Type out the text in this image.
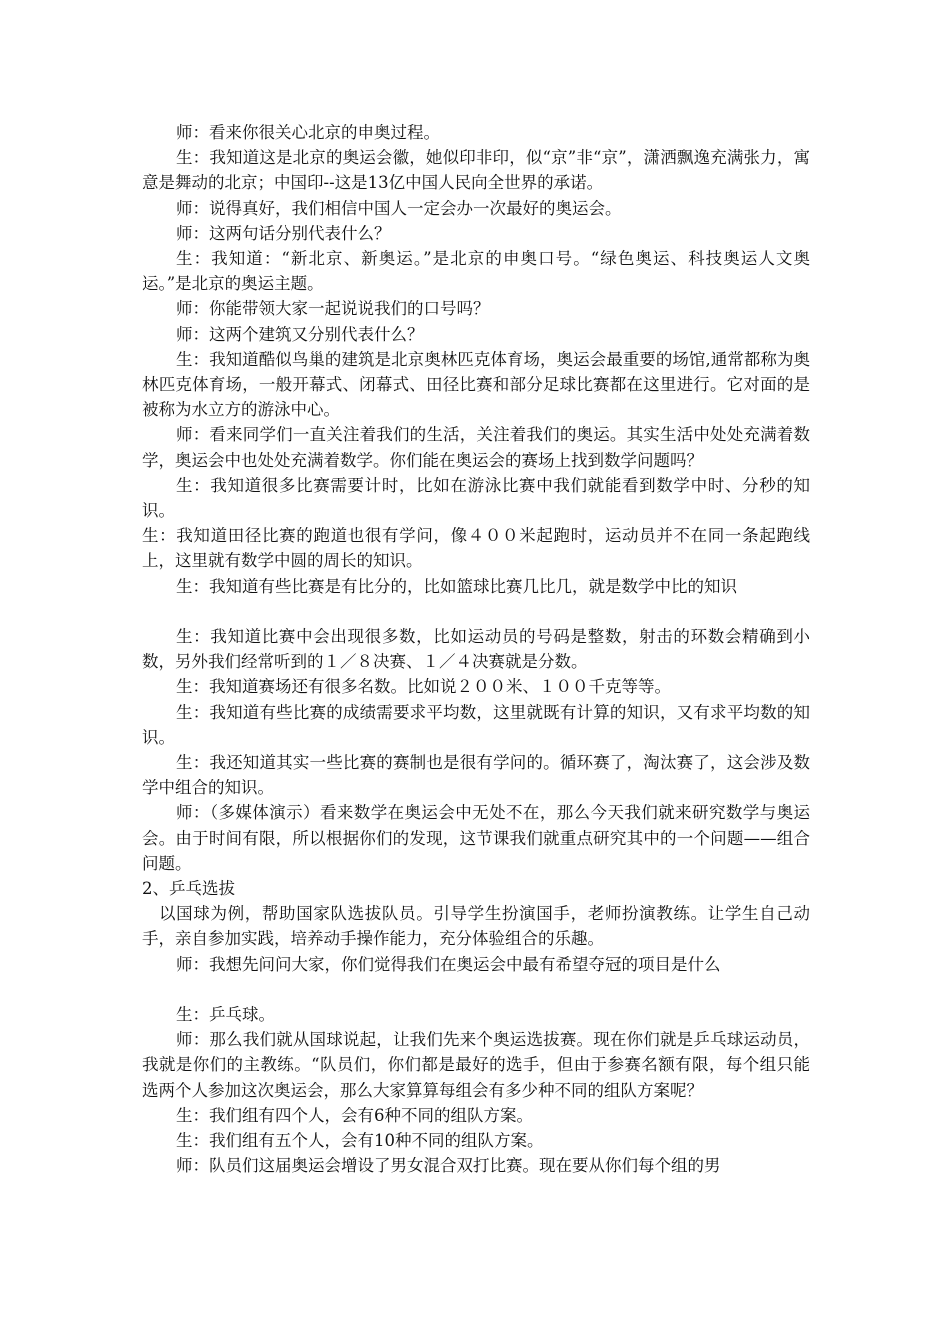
师：看来你很关心北京的申奥过程。

生：我知道这是北京的奥运会徽，她似印非印，似“京”非“京”，潇洒飘逸充满张力，寓意是舞动的北京；中国印--这是13亿中国人民向全世界的承诺。

师：说得真好，我们相信中国人一定会办一次最好的奥运会。

师：这两句话分别代表什么？

生：我知道：“新北京、新奥运。”是北京的申奥口号。“绿色奥运、科技奥运人文奥运。”是北京的奥运主题。

师：你能带领大家一起说说我们的口号吗？

师：这两个建筑又分别代表什么？

生：我知道酷似鸟巢的建筑是北京奥林匹克体育场，奥运会最重要的场馆,通常都称为奥林匹克体育场，一般开幕式、闭幕式、田径比赛和部分足球比赛都在这里进行。它对面的是被称为水立方的游泳中心。

师：看来同学们一直关注着我们的生活，关注着我们的奥运。其实生活中处处充满着数学，奥运会中也处处充满着数学。你们能在奥运会的赛场上找到数学问题吗？

生：我知道很多比赛需要计时，比如在游泳比赛中我们就能看到数学中时、分秒的知识。

生：我知道田径比赛的跑道也很有学问，像４００米起跑时，运动员并不在同一条起跑线上，这里就有数学中圆的周长的知识。

生：我知道有些比赛是有比分的，比如篮球比赛几比几，就是数学中比的知识

生：我知道比赛中会出现很多数，比如运动员的号码是整数，射击的环数会精确到小数，另外我们经常听到的１／８决赛、１／４决赛就是分数。

生：我知道赛场还有很多名数。比如说２００米、１００千克等等。

生：我知道有些比赛的成绩需要求平均数，这里就既有计算的知识，又有求平均数的知识。

生：我还知道其实一些比赛的赛制也是很有学问的。循环赛了，淘汰赛了，这会涉及数学中组合的知识。

师：（多媒体演示）看来数学在奥运会中无处不在，那么今天我们就来研究数学与奥运会。由于时间有限，所以根据你们的发现，这节课我们就重点研究其中的一个问题——组合问题。

2、乒乓选拔

以国球为例，帮助国家队选拔队员。引导学生扮演国手，老师扮演教练。让学生自己动手，亲自参加实践，培养动手操作能力，充分体验组合的乐趣。

师：我想先问问大家，你们觉得我们在奥运会中最有希望夺冠的项目是什么

生：乒乓球。

师：那么我们就从国球说起，让我们先来个奥运选拔赛。现在你们就是乒乓球运动员，我就是你们的主教练。“队员们，你们都是最好的选手，但由于参赛名额有限，每个组只能选两个人参加这次奥运会，那么大家算算每组会有多少种不同的组队方案呢？

生：我们组有四个人，会有6种不同的组队方案。

生：我们组有五个人，会有10种不同的组队方案。

师：队员们这届奥运会增设了男女混合双打比赛。现在要从你们每个组的男
